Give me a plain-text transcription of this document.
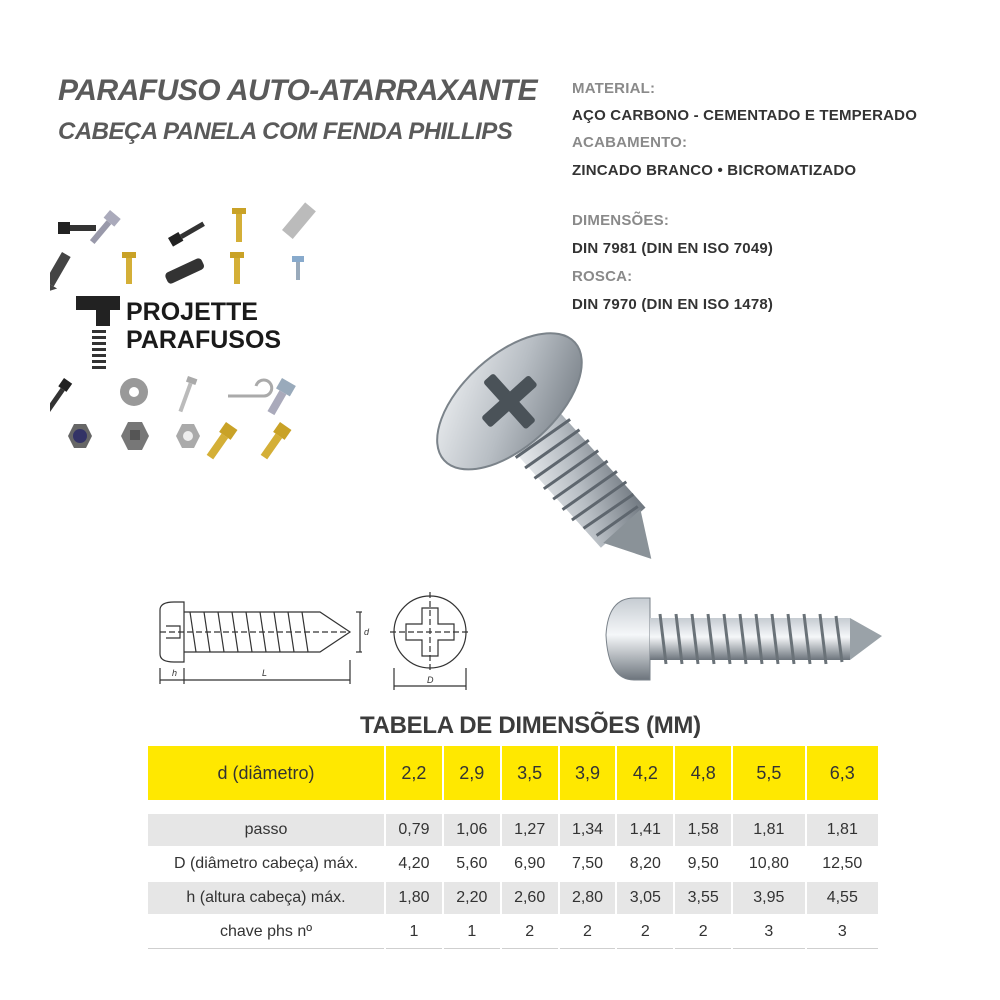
PARAFUSO AUTO-ATARRAXANTE
CABEÇA PANELA COM FENDA PHILLIPS
MATERIAL:
AÇO CARBONO - CEMENTADO E TEMPERADO
ACABAMENTO:
ZINCADO BRANCO • BICROMATIZADO
DIMENSÕES:
DIN 7981 (DIN EN ISO 7049)
ROSCA:
DIN 7970 (DIN EN ISO 1478)
PROJETTE
PARAFUSOS
h	L
d
D
TABELA DE DIMENSÕES (MM)
d (diâmetro)	2,2	2,9	3,5	3,9	4,2	4,8	5,5	6,3

passo	0,79	1,06	1,27	1,34	1,41	1,58	1,81	1,81
D (diâmetro cabeça) máx.	4,20	5,60	6,90	7,50	8,20	9,50	10,80	12,50
h (altura cabeça) máx.	1,80	2,20	2,60	2,80	3,05	3,55	3,95	4,55
chave phs nº	1	1	2	2	2	2	3	3
